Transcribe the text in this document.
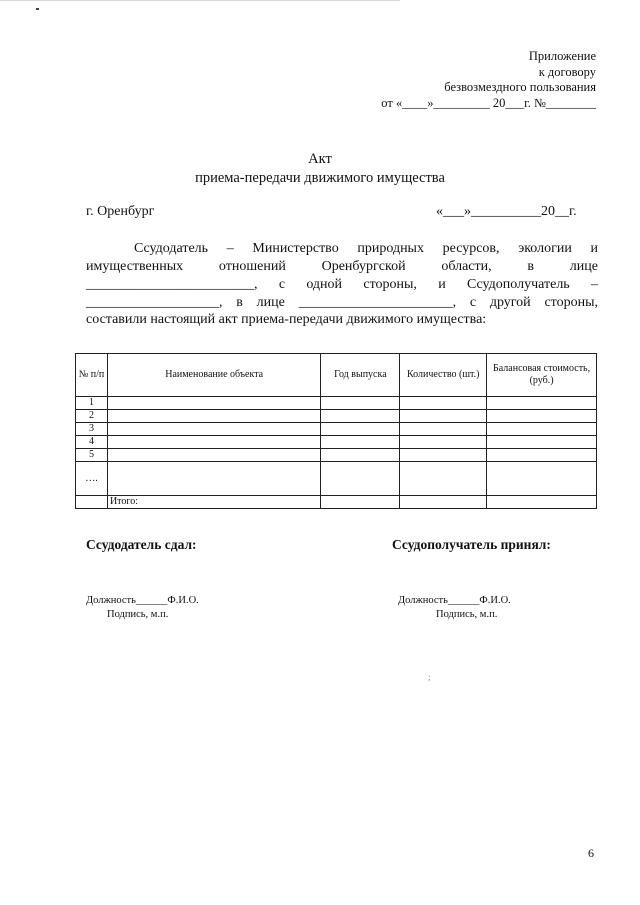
Приложение
к договору
безвозмездного пользования
от «____»_________ 20___г. №________
Акт
приема-передачи движимого имущества
г. Оренбург	«___»__________20__г.
Ссудодатель – Министерство природных ресурсов, экологии и
имущественных отношений Оренбургской области, в лице
________________________, с одной стороны, и Ссудополучатель –
___________________, в лице ______________________, с другой стороны,
составили настоящий акт приема-передачи движимого имущества:
№ п/п	Наименование объекта	Год выпуска	Количество (шт.)	Балансовая стоимость, (руб.)
1				
2				
3				
4				
5				
….				
	Итого:			
Ссудодатель сдал:	Ссудополучатель принял:
Должность______Ф.И.О.
Подпись, м.п.
Должность______Ф.И.О.
Подпись, м.п.
;
6
